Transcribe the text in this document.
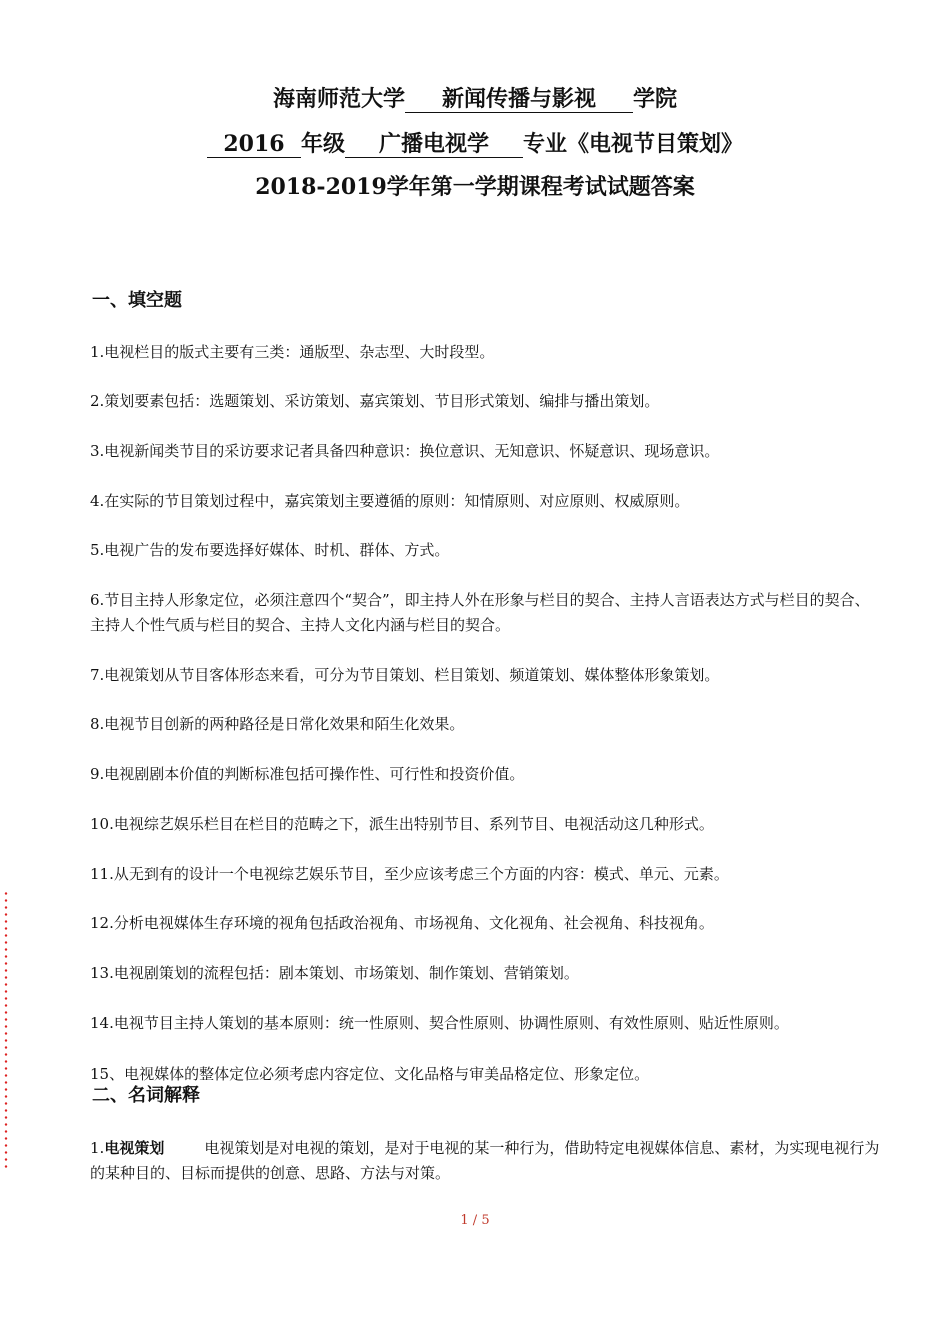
海南师范大学 新闻传播与影视 学院
2016 年级 广播电视学 专业《电视节目策划》
2018-2019学年第一学期课程考试试题答案
一、填空题
1.电视栏目的版式主要有三类：通版型、杂志型、大时段型。
2.策划要素包括：选题策划、采访策划、嘉宾策划、节目形式策划、编排与播出策划。
3.电视新闻类节目的采访要求记者具备四种意识：换位意识、无知意识、怀疑意识、现场意识。
4.在实际的节目策划过程中，嘉宾策划主要遵循的原则：知情原则、对应原则、权威原则。
5.电视广告的发布要选择好媒体、时机、群体、方式。
6.节目主持人形象定位，必须注意四个“契合”，即主持人外在形象与栏目的契合、主持人言语表达方式与栏目的契合、主持人个性气质与栏目的契合、主持人文化内涵与栏目的契合。
7.电视策划从节目客体形态来看，可分为节目策划、栏目策划、频道策划、媒体整体形象策划。
8.电视节目创新的两种路径是日常化效果和陌生化效果。
9.电视剧剧本价值的判断标准包括可操作性、可行性和投资价值。
10.电视综艺娱乐栏目在栏目的范畴之下，派生出特别节目、系列节目、电视活动这几种形式。
11.从无到有的设计一个电视综艺娱乐节目，至少应该考虑三个方面的内容：模式、单元、元素。
12.分析电视媒体生存环境的视角包括政治视角、市场视角、文化视角、社会视角、科技视角。
13.电视剧策划的流程包括：剧本策划、市场策划、制作策划、营销策划。
14.电视节目主持人策划的基本原则：统一性原则、契合性原则、协调性原则、有效性原则、贴近性原则。
15、电视媒体的整体定位必须考虑内容定位、文化品格与审美品格定位、形象定位。
二、名词解释
1.电视策划	电视策划是对电视的策划，是对于电视的某一种行为，借助特定电视媒体信息、素材，为实现电视行为的某种目的、目标而提供的创意、思路、方法与对策。
1 / 5
